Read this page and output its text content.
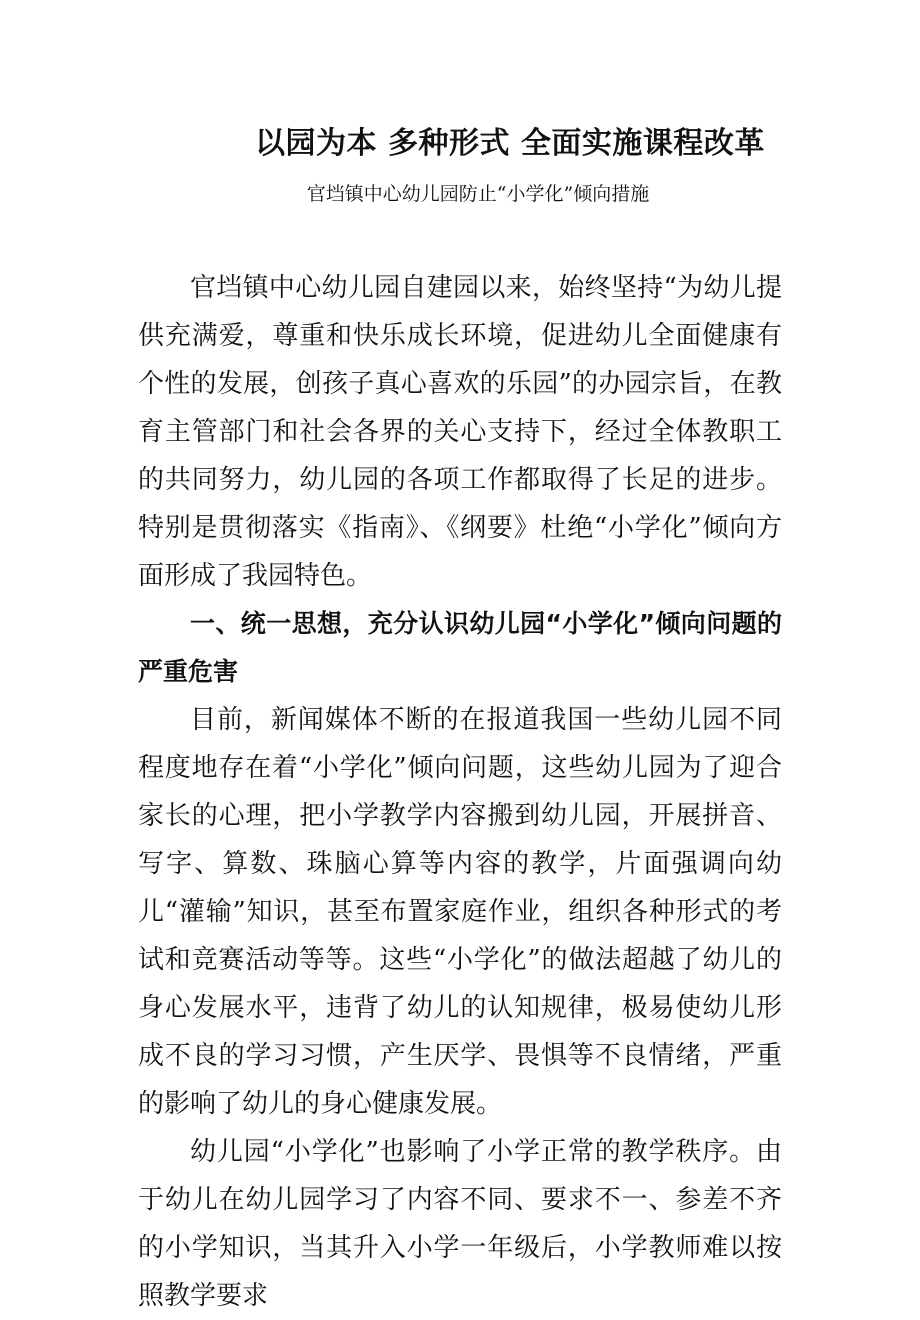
以园为本 多种形式 全面实施课程改革
官垱镇中心幼儿园防止“小学化”倾向措施

官垱镇中心幼儿园自建园以来，始终坚持“为幼儿提供充满爱，尊重和快乐成长环境，促进幼儿全面健康有个性的发展，创孩子真心喜欢的乐园”的办园宗旨，在教育主管部门和社会各界的关心支持下，经过全体教职工的共同努力，幼儿园的各项工作都取得了长足的进步。特别是贯彻落实《指南》、《纲要》杜绝“小学化”倾向方面形成了我园特色。

一、统一思想，充分认识幼儿园“小学化”倾向问题的严重危害

目前，新闻媒体不断的在报道我国一些幼儿园不同程度地存在着“小学化”倾向问题，这些幼儿园为了迎合家长的心理，把小学教学内容搬到幼儿园，开展拼音、写字、算数、珠脑心算等内容的教学，片面强调向幼儿“灌输”知识，甚至布置家庭作业，组织各种形式的考试和竞赛活动等等。这些“小学化”的做法超越了幼儿的身心发展水平，违背了幼儿的认知规律，极易使幼儿形成不良的学习习惯，产生厌学、畏惧等不良情绪，严重的影响了幼儿的身心健康发展。

幼儿园“小学化”也影响了小学正常的教学秩序。由于幼儿在幼儿园学习了内容不同、要求不一、参差不齐的小学知识，当其升入小学一年级后，小学教师难以按照教学要求
